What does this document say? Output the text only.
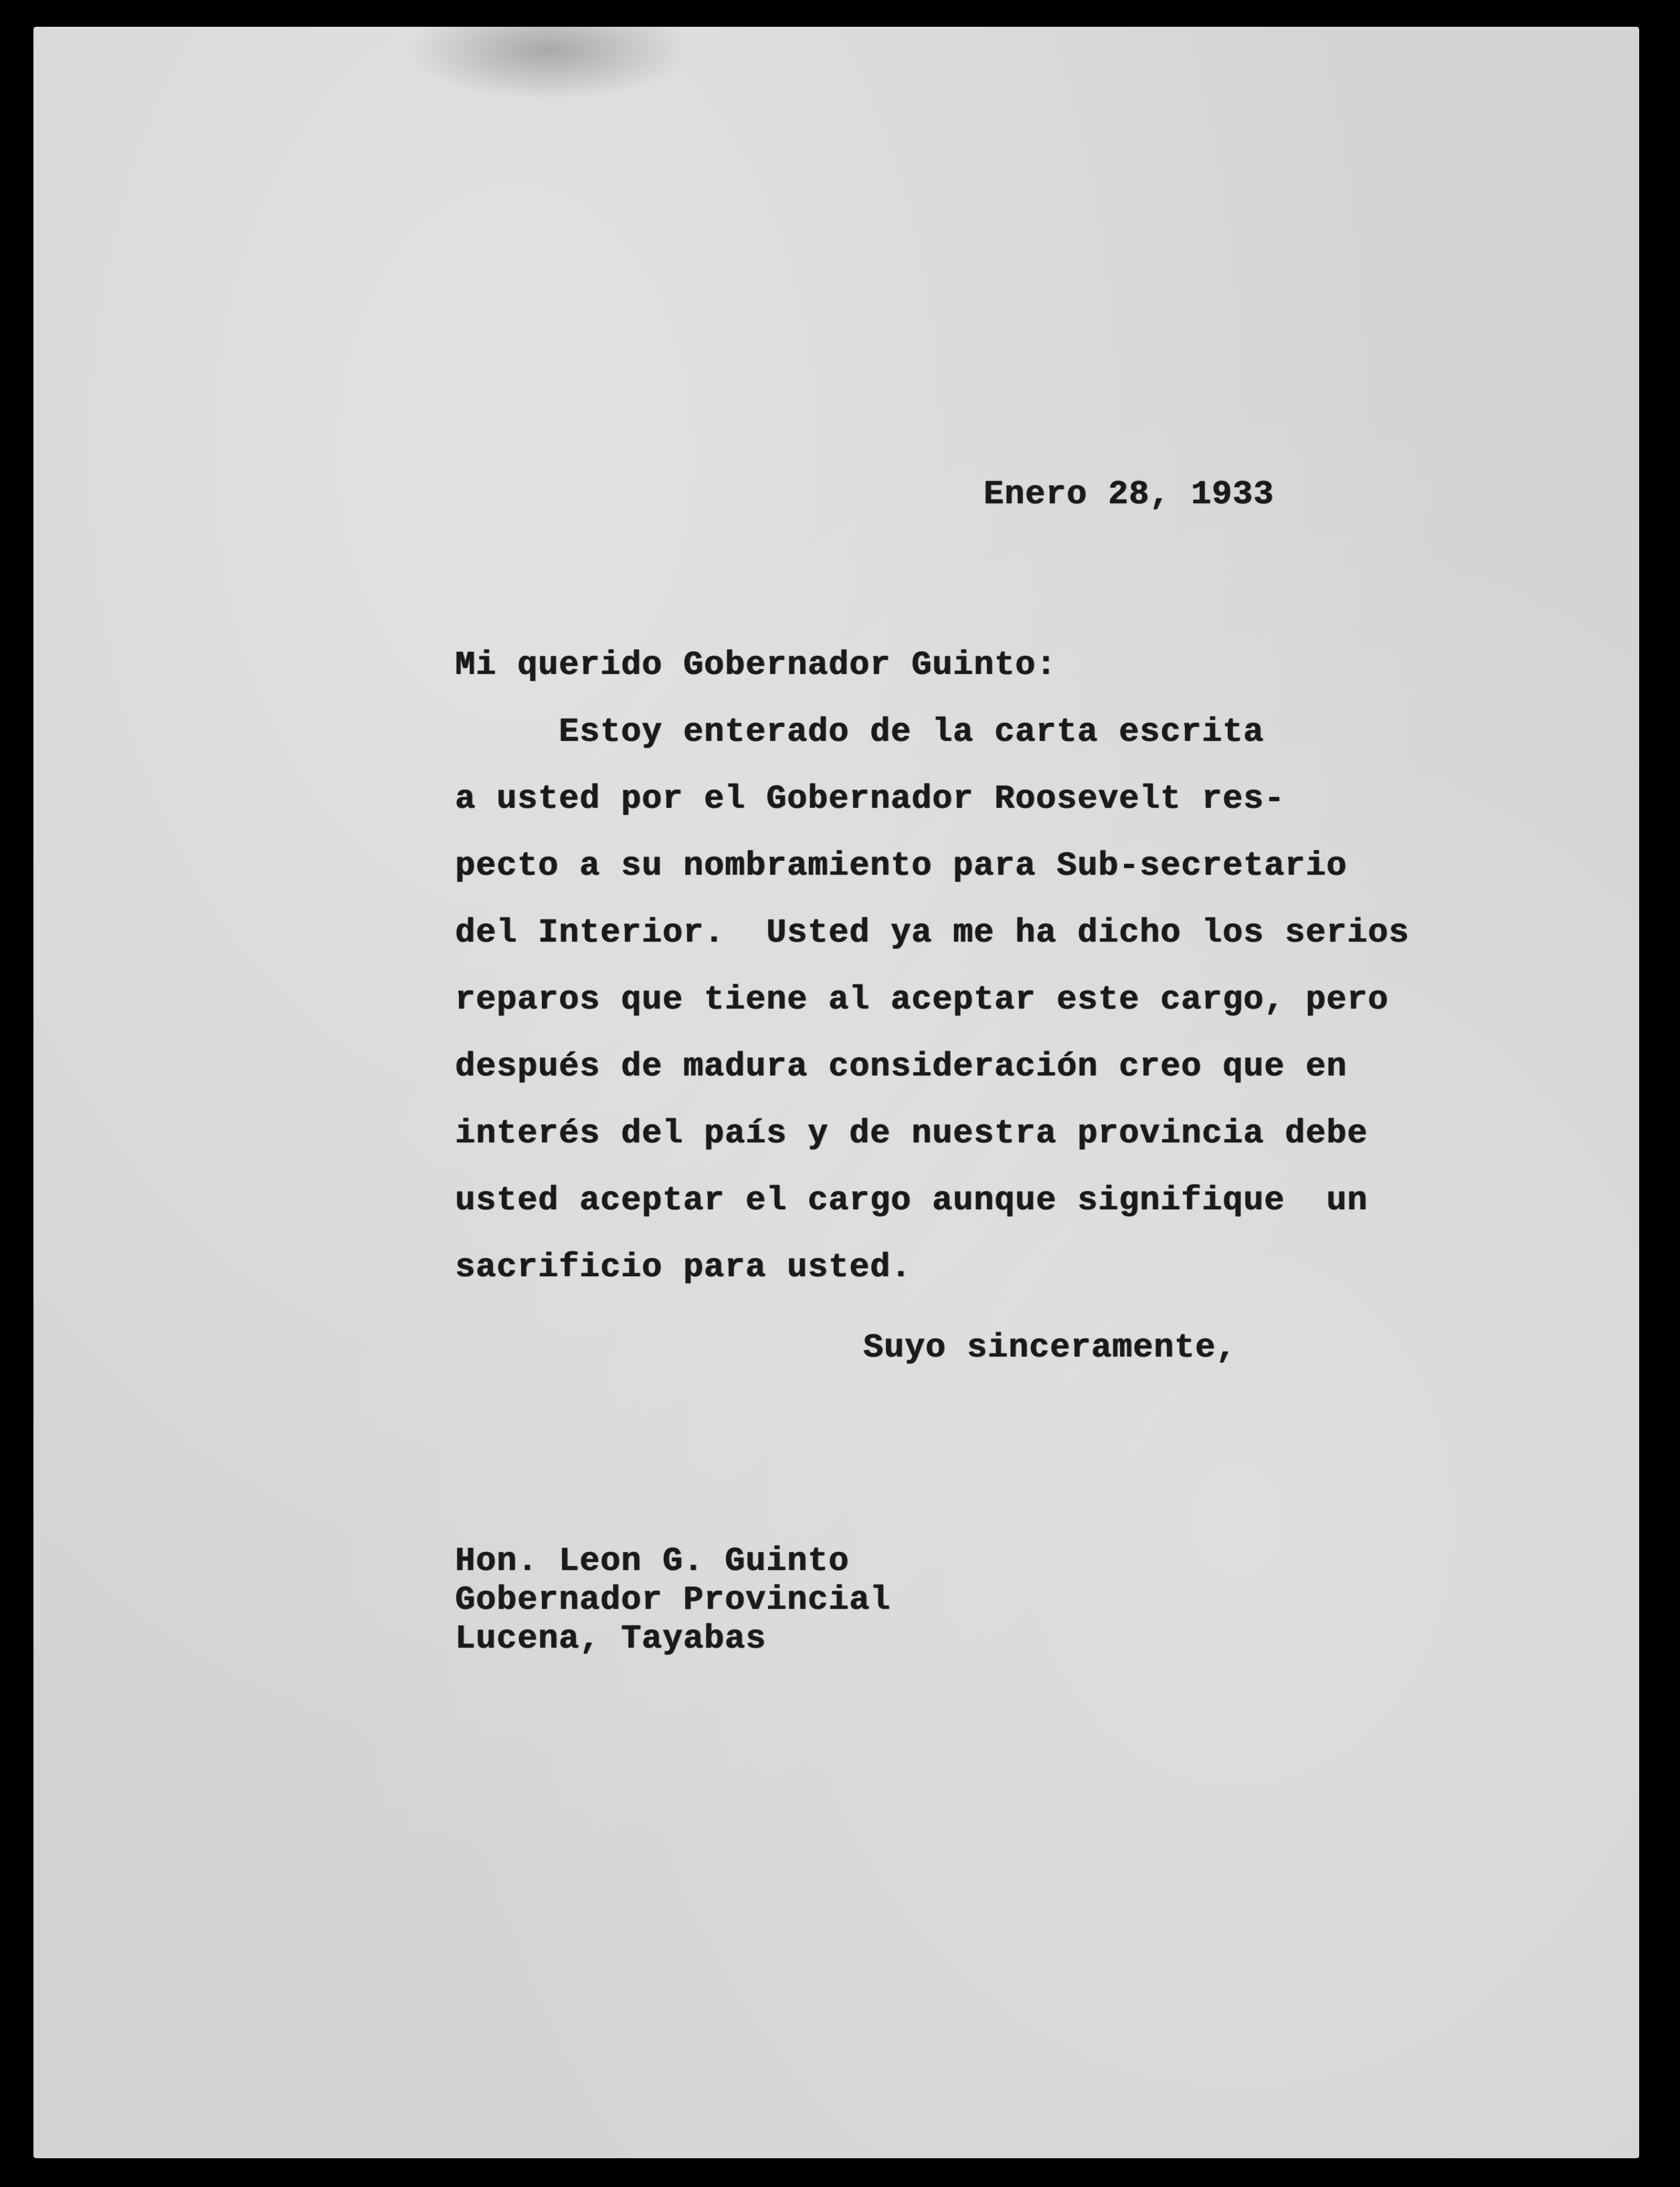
Enero 28, 1933
Mi querido Gobernador Guinto:
Estoy enterado de la carta escrita
a usted por el Gobernador Roosevelt res-
pecto a su nombramiento para Sub-secretario
del Interior.  Usted ya me ha dicho los serios
reparos que tiene al aceptar este cargo, pero
después de madura consideración creo que en
interés del país y de nuestra provincia debe
usted aceptar el cargo aunque signifique  un
sacrificio para usted.
Suyo sinceramente,
Hon. Leon G. Guinto
Gobernador Provincial
Lucena, Tayabas
